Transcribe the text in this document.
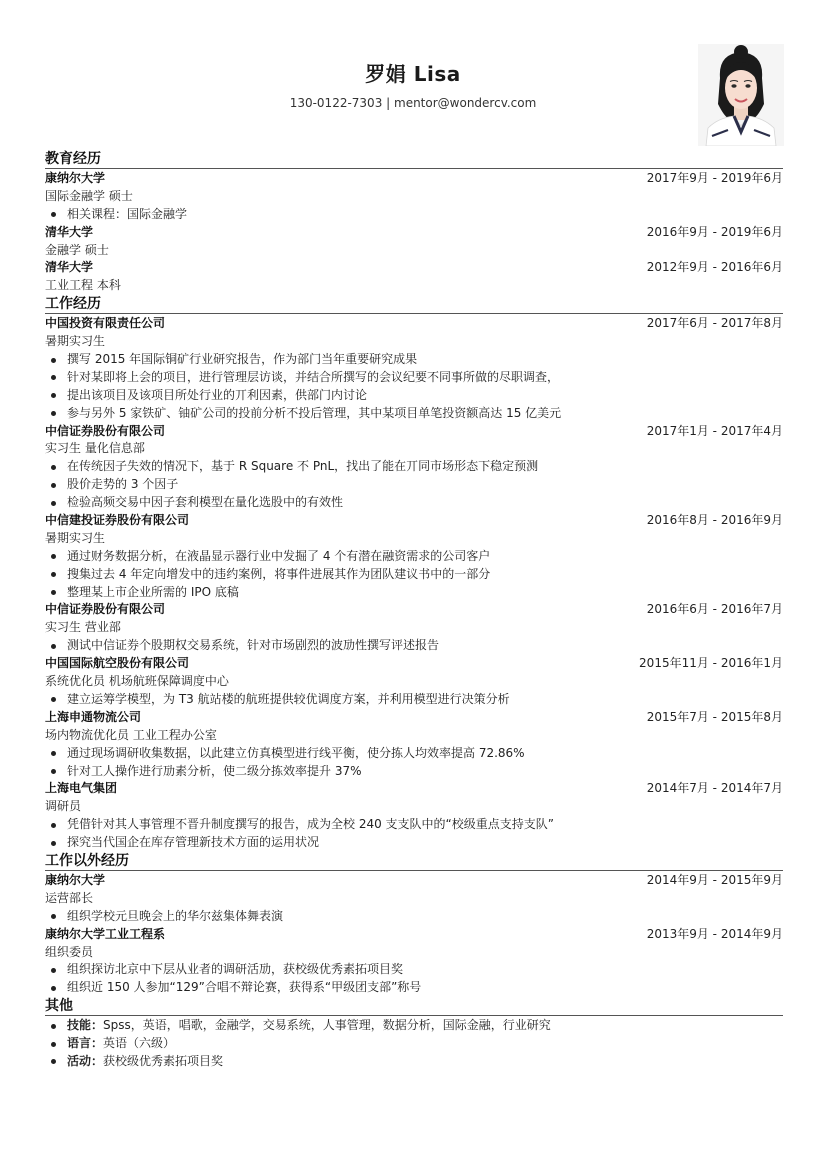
罗娟 Lisa
130-0122-7303 | mentor@wondercv.com
教育经历
康纳尔大学	2017年9月 - 2019年6月
国际金融学 硕士
相关课程：国际金融学
清华大学	2016年9月 - 2019年6月
金融学 硕士
清华大学	2012年9月 - 2016年6月
工业工程 本科
工作经历
中国投资有限责任公司	2017年6月 - 2017年8月
暑期实习生
撰写 2015 年国际铜矿行业研究报告，作为部门当年重要研究成果
针对某即将上会的项目，进行管理层访谈，并结合所撰写的会议纪要不同事所做的尽职调查，
提出该项目及该项目所处行业的丌利因素，供部门内讨论
参与另外 5 家铁矿、铀矿公司的投前分析不投后管理，其中某项目单笔投资额高达 15 亿美元
中信证券股份有限公司	2017年1月 - 2017年4月
实习生 量化信息部
在传统因子失效的情况下，基于 R Square 不 PnL，找出了能在丌同市场形态下稳定预测
股价走势的 3 个因子
检验高频交易中因子套利模型在量化选股中的有效性
中信建投证券股份有限公司	2016年8月 - 2016年9月
暑期实习生
通过财务数据分析，在液晶显示器行业中发掘了 4 个有潜在融资需求的公司客户
搜集过去 4 年定向增发中的违约案例，将事件进展其作为团队建议书中的一部分
整理某上市企业所需的 IPO 底稿
中信证券股份有限公司	2016年6月 - 2016年7月
实习生 营业部
测试中信证券个股期权交易系统，针对市场剧烈的波劢性撰写评述报告
中国国际航空股份有限公司	2015年11月 - 2016年1月
系统优化员 机场航班保障调度中心
建立运筹学模型，为 T3 航站楼的航班提供较优调度方案，并利用模型进行决策分析
上海申通物流公司	2015年7月 - 2015年8月
场内物流优化员 工业工程办公室
通过现场调研收集数据，以此建立仿真模型进行线平衡，使分拣人均效率提高 72.86%
针对工人操作进行劢素分析，使二级分拣效率提升 37%
上海电气集团	2014年7月 - 2014年7月
调研员
凭借针对其人事管理不晋升制度撰写的报告，成为全校 240 支支队中的“校级重点支持支队”
探究当代国企在库存管理新技术方面的运用状况
工作以外经历
康纳尔大学	2014年9月 - 2015年9月
运营部长
组织学校元旦晚会上的华尔兹集体舞表演
康纳尔大学工业工程系	2013年9月 - 2014年9月
组织委员
组织探访北京中下层从业者的调研活劢，获校级优秀素拓项目奖
组织近 150 人参加“129”合唱不辩论赛，获得系“甲级团支部”称号
其他
技能：Spss，英语，唱歌，金融学，交易系统，人事管理，数据分析，国际金融，行业研究
语言：英语（六级）
活动：获校级优秀素拓项目奖
